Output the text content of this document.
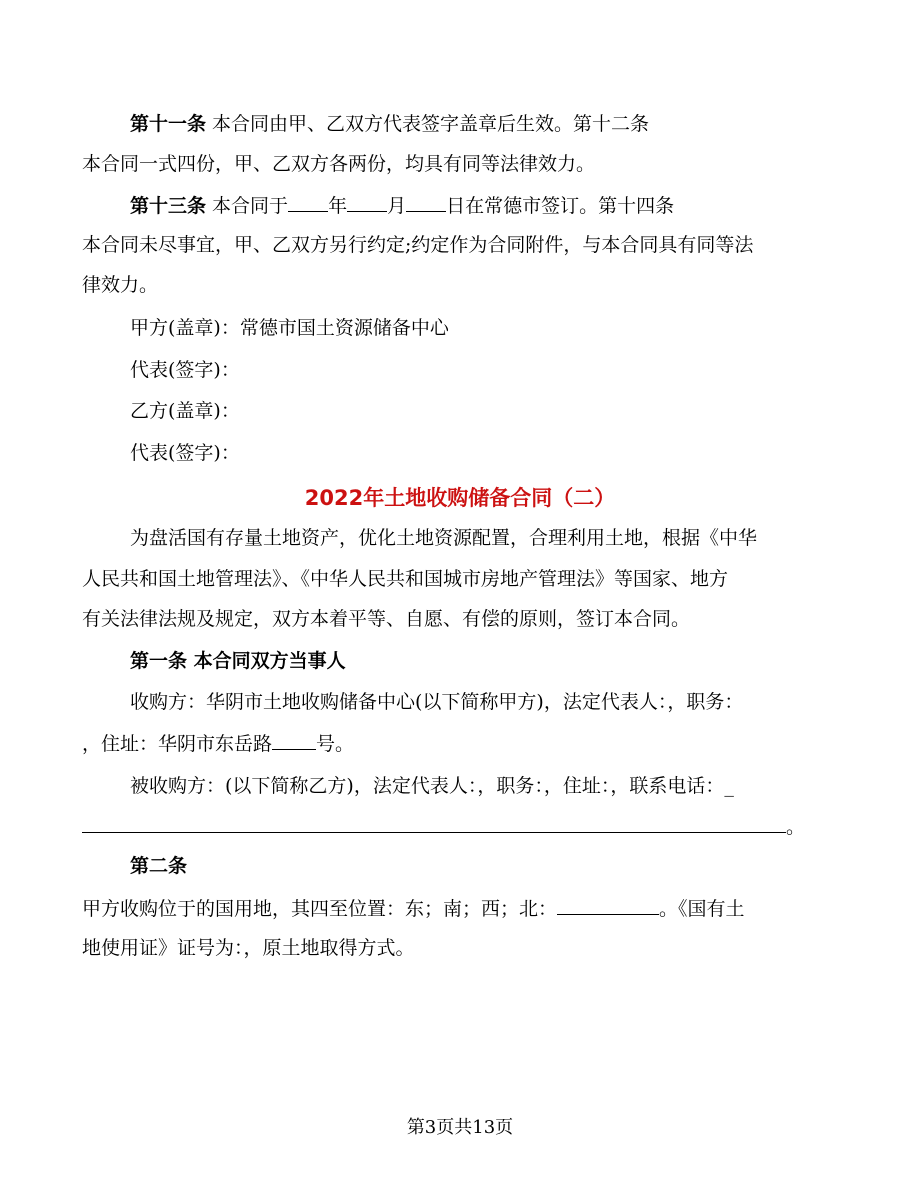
第十一条 本合同由甲、乙双方代表签字盖章后生效。第十二条
本合同一式四份，甲、乙双方各两份，均具有同等法律效力。
第十三条 本合同于 年 月 日在常德市签订。第十四条
本合同未尽事宜，甲、乙双方另行约定;约定作为合同附件，与本合同具有同等法
律效力。
甲方(盖章)：常德市国土资源储备中心
代表(签字)：
乙方(盖章)：
代表(签字)：
2022年土地收购储备合同（二）
为盘活国有存量土地资产，优化土地资源配置，合理利用土地，根据《中华
人民共和国土地管理法》、《中华人民共和国城市房地产管理法》等国家、地方
有关法律法规及规定，双方本着平等、自愿、有偿的原则，签订本合同。
第一条 本合同双方当事人
收购方：华阴市土地收购储备中心(以下简称甲方)，法定代表人：，职务：
，住址：华阴市东岳路 号。
被收购方：(以下简称乙方)，法定代表人：，职务：，住址：，联系电话：_
。
第二条
甲方收购位于的国用地，其四至位置：东；南；西；北：	。《国有土
地使用证》证号为：，原土地取得方式。
第3页共13页
